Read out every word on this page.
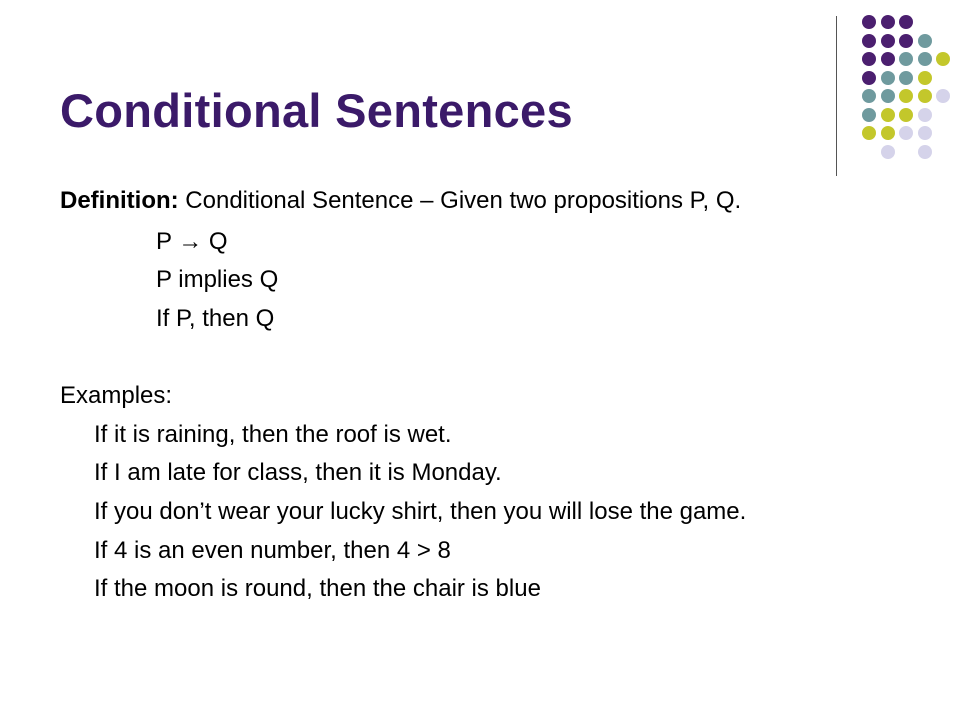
Conditional Sentences
Definition: Conditional Sentence – Given two propositions P, Q.
P → Q
P implies Q
If P, then Q
Examples:
If it is raining, then the roof is wet.
If I am late for class, then it is Monday.
If you don’t wear your lucky shirt, then you will lose the game.
If 4 is an even number, then 4 > 8
If the moon is round, then the chair is blue
